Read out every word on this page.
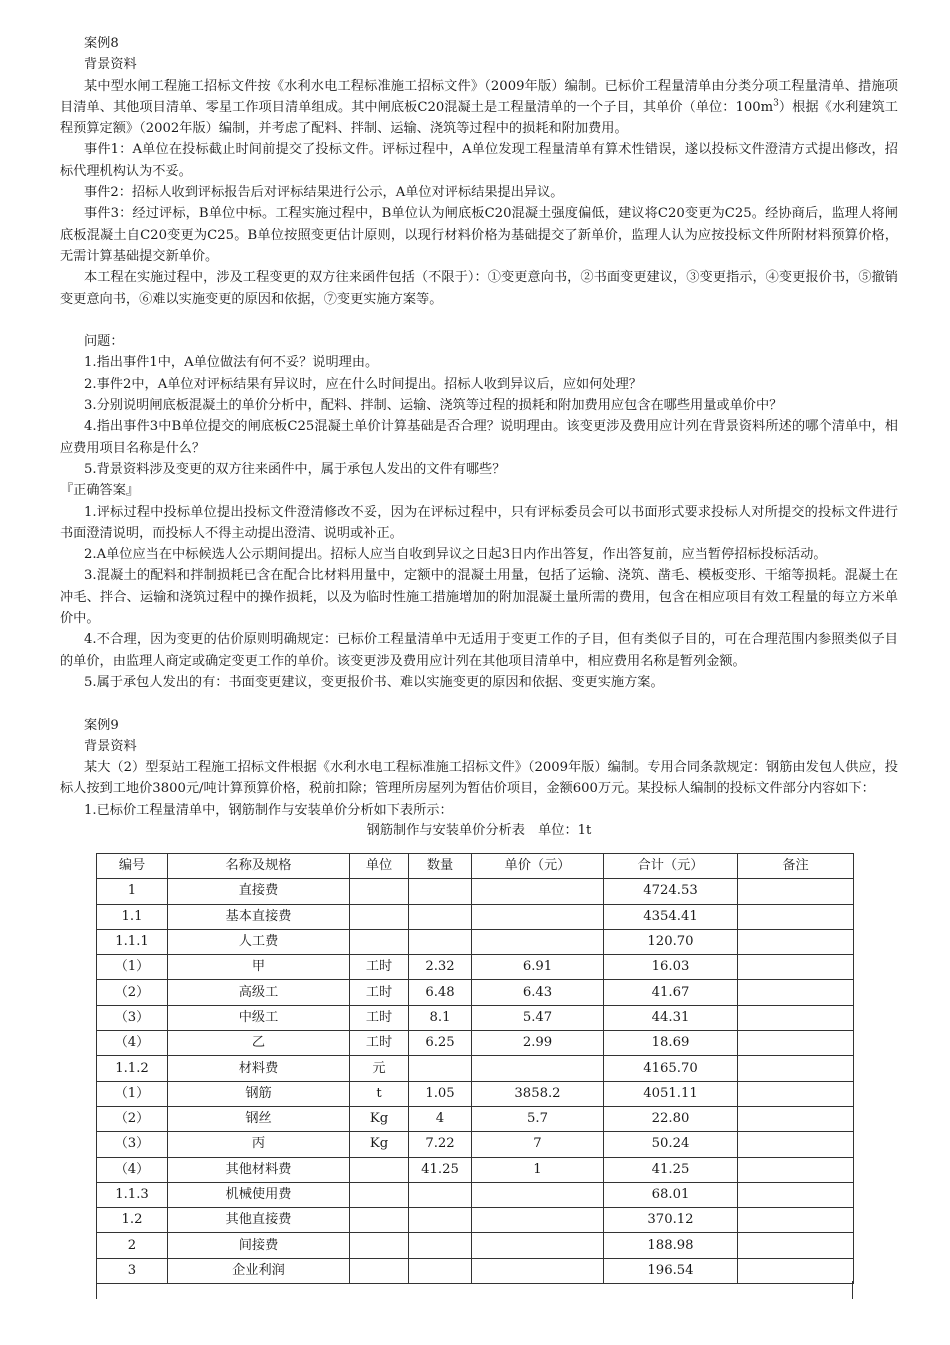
案例8

背景资料

某中型水闸工程施工招标文件按《水利水电工程标准施工招标文件》（2009年版）编制。已标价工程量清单由分类分项工程量清单、措施项目清单、其他项目清单、零星工作项目清单组成。其中闸底板C20混凝土是工程量清单的一个子目，其单价（单位：$100m^3$）根据《水利建筑工程预算定额》（2002年版）编制，并考虑了配料、拌制、运输、浇筑等过程中的损耗和附加费用。

事件1：A单位在投标截止时间前提交了投标文件。评标过程中，A单位发现工程量清单有算术性错误，遂以投标文件澄清方式提出修改，招标代理机构认为不妥。

事件2：招标人收到评标报告后对评标结果进行公示，A单位对评标结果提出异议。

事件3：经过评标，B单位中标。工程实施过程中，B单位认为闸底板C20混凝土强度偏低，建议将C20变更为C25。经协商后，监理人将闸底板混凝土自C20变更为C25。B单位按照变更估计原则，以现行材料价格为基础提交了新单价，监理人认为应按投标文件所附材料预算价格，无需计算基础提交新单价。

本工程在实施过程中，涉及工程变更的双方往来函件包括（不限于）：①变更意向书，②书面变更建议，③变更指示，④变更报价书，⑤撤销变更意向书，⑥难以实施变更的原因和依据，⑦变更实施方案等。

问题：

1.指出事件1中，A单位做法有何不妥？说明理由。

2.事件2中，A单位对评标结果有异议时，应在什么时间提出。招标人收到异议后，应如何处理？

3.分别说明闸底板混凝土的单价分析中，配料、拌制、运输、浇筑等过程的损耗和附加费用应包含在哪些用量或单价中？

4.指出事件3中B单位提交的闸底板C25混凝土单价计算基础是否合理？说明理由。该变更涉及费用应计列在背景资料所述的哪个清单中，相应费用项目名称是什么？

5.背景资料涉及变更的双方往来函件中，属于承包人发出的文件有哪些？

『正确答案』

1.评标过程中投标单位提出投标文件澄清修改不妥，因为在评标过程中，只有评标委员会可以书面形式要求投标人对所提交的投标文件进行书面澄清说明，而投标人不得主动提出澄清、说明或补正。

2.A单位应当在中标候选人公示期间提出。招标人应当自收到异议之日起3日内作出答复，作出答复前，应当暂停招标投标活动。

3.混凝土的配料和拌制损耗已含在配合比材料用量中，定额中的混凝土用量，包括了运输、浇筑、凿毛、模板变形、干缩等损耗。混凝土在冲毛、拌合、运输和浇筑过程中的操作损耗，以及为临时性施工措施增加的附加混凝土量所需的费用，包含在相应项目有效工程量的每立方米单价中。

4.不合理，因为变更的估价原则明确规定：已标价工程量清单中无适用于变更工作的子目，但有类似子目的，可在合理范围内参照类似子目的单价，由监理人商定或确定变更工作的单价。该变更涉及费用应计列在其他项目清单中，相应费用名称是暂列金额。

5.属于承包人发出的有：书面变更建议，变更报价书、难以实施变更的原因和依据、变更实施方案。

案例9

背景资料

某大（2）型泵站工程施工招标文件根据《水利水电工程标准施工招标文件》（2009年版）编制。专用合同条款规定：钢筋由发包人供应，投标人按到工地价3800元/吨计算预算价格，税前扣除；管理所房屋列为暂估价项目，金额600万元。某投标人编制的投标文件部分内容如下：

1.已标价工程量清单中，钢筋制作与安装单价分析如下表所示：

钢筋制作与安装单价分析表　单位：1t

编号	名称及规格	单位	数量	单价（元）	合计（元）	备注
1	直接费				4724.53	
1.1	基本直接费				4354.41	
1.1.1	人工费				120.70	
（1）	甲	工时	2.32	6.91	16.03	
（2）	高级工	工时	6.48	6.43	41.67	
（3）	中级工	工时	8.1	5.47	44.31	
（4）	乙	工时	6.25	2.99	18.69	
1.1.2	材料费	元			4165.70	
（1）	钢筋	t	1.05	3858.2	4051.11	
（2）	钢丝	Kg	4	5.7	22.80	
（3）	丙	Kg	7.22	7	50.24	
（4）	其他材料费		41.25	1	41.25	
1.1.3	机械使用费				68.01	
1.2	其他直接费				370.12	
2	间接费				188.98	
3	企业利润				196.54	
